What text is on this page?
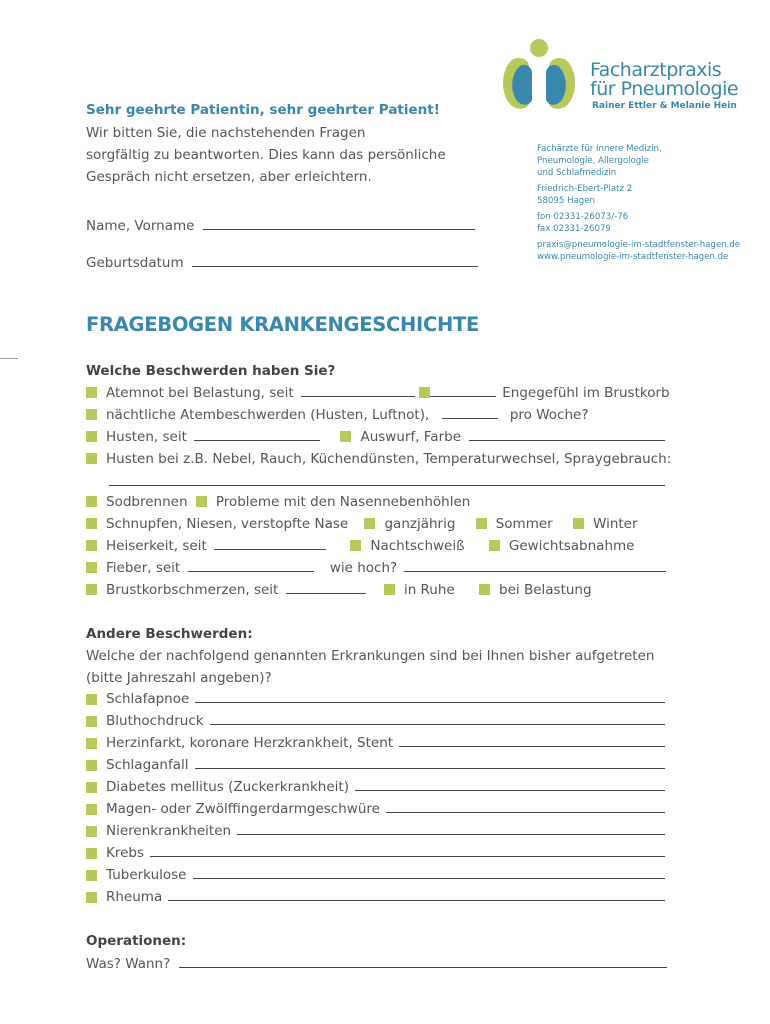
Facharztpraxis
für Pneumologie
Rainer Ettler & Melanie Hein
Fachärzte für Innere Medizin,
Pneumologie, Allergologie
und Schlafmedizin
Friedrich-Ebert-Platz 2
58095 Hagen
fon 02331-26073/-76
fax 02331-26079
praxis@pneumologie-im-stadtfenster-hagen.de
www.pneumologie-im-stadtfenster-hagen.de
Sehr geehrte Patientin, sehr geehrter Patient!
Wir bitten Sie, die nachstehenden Fragen
sorgfältig zu beantworten. Dies kann das persönliche
Gespräch nicht ersetzen, aber erleichtern.
Name, Vorname
Geburtsdatum
FRAGEBOGEN KRANKENGESCHICHTE
Welche Beschwerden haben Sie?
Atemnot bei Belastung, seit	Engegefühl im Brustkorb
nächtliche Atembeschwerden (Husten, Luftnot),	pro Woche?
Husten, seit	Auswurf, Farbe
Husten bei z.B. Nebel, Rauch, Küchendünsten, Temperaturwechsel, Spraygebrauch:
Sodbrennen Probleme mit den Nasennebenhöhlen
Schnupfen, Niesen, verstopfte Nase	ganzjährig	Sommer	Winter
Heiserkeit, seit	Nachtschweiß	Gewichtsabnahme
Fieber, seit	wie hoch?
Brustkorbschmerzen, seit	in Ruhe	bei Belastung
Andere Beschwerden:
Welche der nachfolgend genannten Erkrankungen sind bei Ihnen bisher aufgetreten
(bitte Jahreszahl angeben)?
Schlafapnoe
Bluthochdruck
Herzinfarkt, koronare Herzkrankheit, Stent
Schlaganfall
Diabetes mellitus (Zuckerkrankheit)
Magen- oder Zwölffingerdarmgeschwüre
Nierenkrankheiten
Krebs
Tuberkulose
Rheuma
Operationen:
Was? Wann?
